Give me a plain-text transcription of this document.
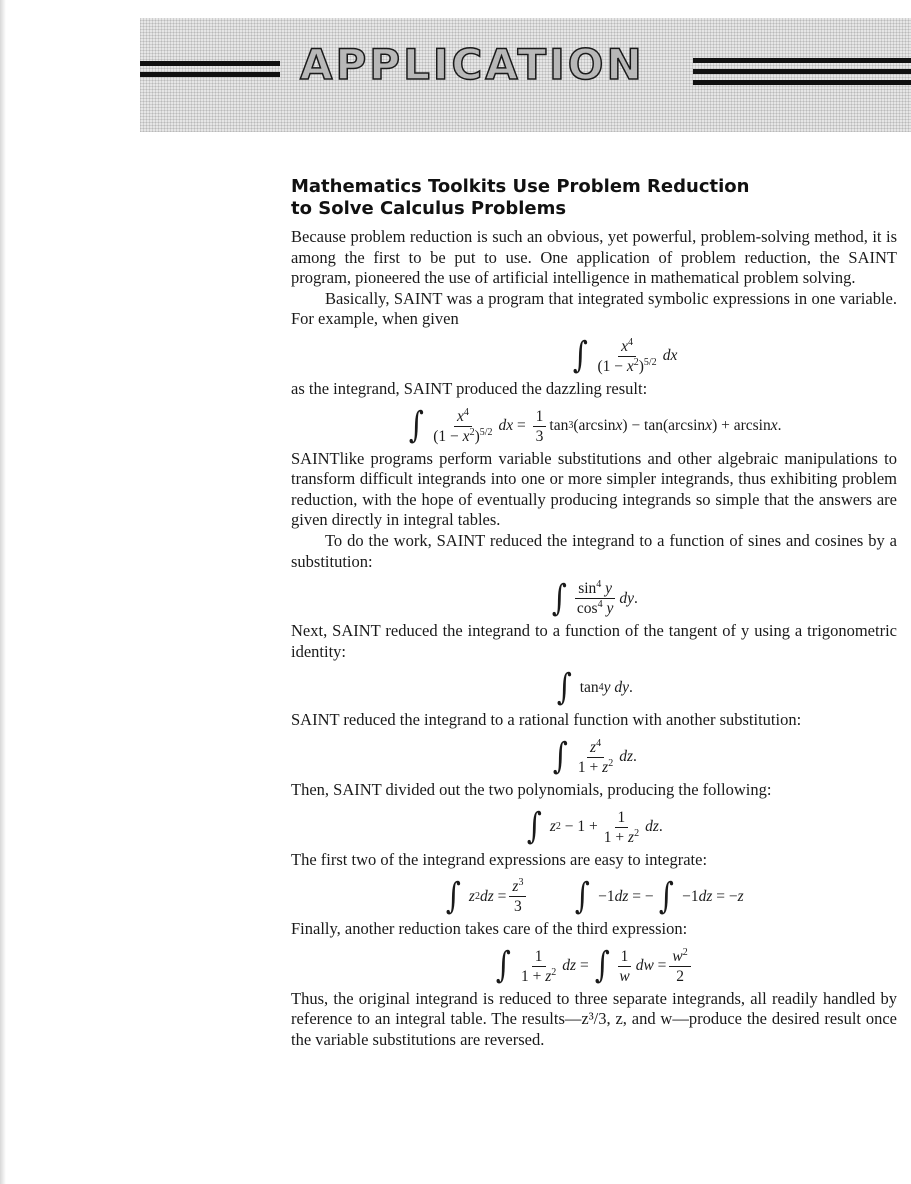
APPLICATION
Mathematics Toolkits Use Problem Reduction
to Solve Calculus Problems

Because problem reduction is such an obvious, yet powerful, problem-solving method, it is among the first to be put to use. One application of problem reduction, the SAINT program, pioneered the use of artificial intelligence in mathematical problem solving.

Basically, SAINT was a program that integrated symbolic expressions in one variable. For example, when given

∫ $\frac{x^4}{(1 - x^2)^{5/2}}$ dx

as the integrand, SAINT produced the dazzling result:

∫ $\frac{x^4}{(1 - x^2)^{5/2}}$ dx = $\frac{1}{3}$ tan 3 (arcsin x ) − tan(arcsin x ) + arcsin x .

SAINTlike programs perform variable substitutions and other algebraic manipulations to transform difficult integrands into one or more simpler integrands, thus exhibiting problem reduction, with the hope of eventually producing integrands so simple that the answers are given directly in integral tables.

To do the work, SAINT reduced the integrand to a function of sines and cosines by a substitution:

∫ $\frac{\sin^4 y}{\cos^4 y}$ dy .

Next, SAINT reduced the integrand to a function of the tangent of y using a trigonometric identity:

∫ tan 4 y
dy .

SAINT reduced the integrand to a rational function with another substitution:

∫ $\frac{z^4}{1 + z^2}$ dz .

Then, SAINT divided out the two polynomials, producing the following:

∫
z $2 - 1 + \frac{1}{1 + z^2}$ dz .

The first two of the integrand expressions are easy to integrate:

∫
z 2 dz = $\frac{z^3}{3}$ ∫ −1 dz = − ∫ −1 dz = − z

Finally, another reduction takes care of the third expression:

∫ $\frac{1}{1 + z^2}$ dz = ∫ $\frac{1}{w}$ dw = $\frac{w^2}{2}$

Thus, the original integrand is reduced to three separate integrands, all readily handled by reference to an integral table. The results—z³/3, z, and w—produce the desired result once the variable substitutions are reversed.
